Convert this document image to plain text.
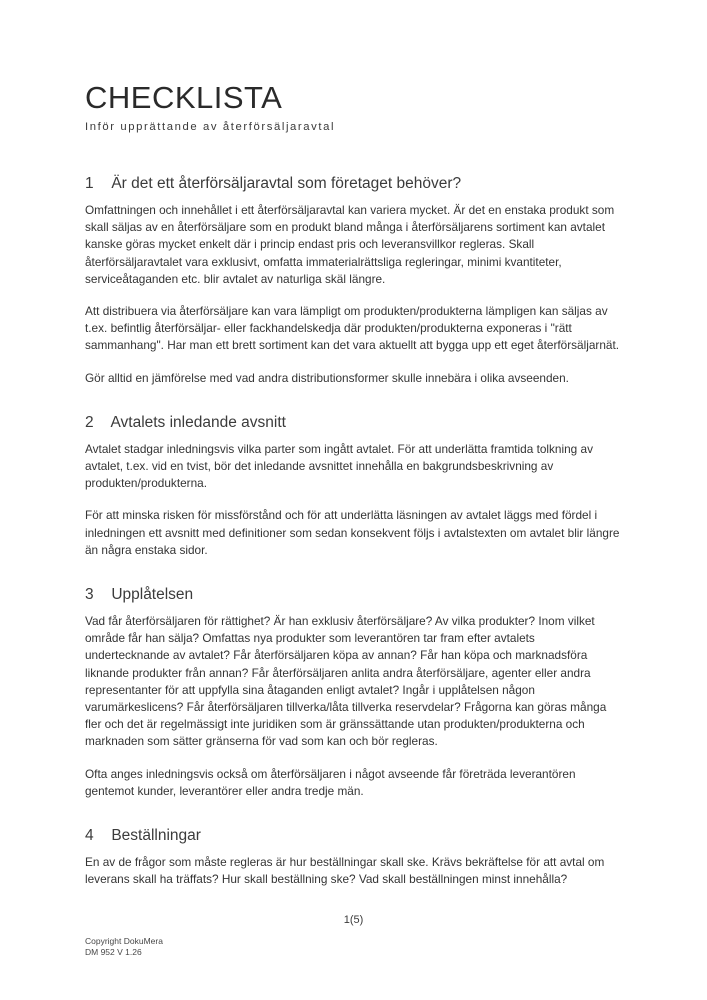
CHECKLISTA
Inför upprättande av återförsäljaravtal
1 Är det ett återförsäljaravtal som företaget behöver?

Omfattningen och innehållet i ett återförsäljaravtal kan variera mycket. Är det en enstaka produkt som skall säljas av en återförsäljare som en produkt bland många i återförsäljarens sortiment kan avtalet kanske göras mycket enkelt där i princip endast pris och leveransvillkor regleras. Skall återförsäljaravtalet vara exklusivt, omfatta immaterialrättsliga regleringar, minimi kvantiteter, serviceåtaganden etc. blir avtalet av naturliga skäl längre.

Att distribuera via återförsäljare kan vara lämpligt om produkten/produkterna lämpligen kan säljas av t.ex. befintlig återförsäljar- eller fackhandelskedja där produkten/produkterna exponeras i "rätt sammanhang". Har man ett brett sortiment kan det vara aktuellt att bygga upp ett eget återförsäljarnät.

Gör alltid en jämförelse med vad andra distributionsformer skulle innebära i olika avseenden.

2 Avtalets inledande avsnitt

Avtalet stadgar inledningsvis vilka parter som ingått avtalet. För att underlätta framtida tolkning av avtalet, t.ex. vid en tvist, bör det inledande avsnittet innehålla en bakgrundsbeskrivning av produkten/produkterna.

För att minska risken för missförstånd och för att underlätta läsningen av avtalet läggs med fördel i inledningen ett avsnitt med definitioner som sedan konsekvent följs i avtalstexten om avtalet blir längre än några enstaka sidor.

3 Upplåtelsen

Vad får återförsäljaren för rättighet? Är han exklusiv återförsäljare? Av vilka produkter? Inom vilket område får han sälja? Omfattas nya produkter som leverantören tar fram efter avtalets undertecknande av avtalet? Får återförsäljaren köpa av annan? Får han köpa och marknadsföra liknande produkter från annan? Får återförsäljaren anlita andra återförsäljare, agenter eller andra representanter för att uppfylla sina åtaganden enligt avtalet? Ingår i upplåtelsen någon varumärkeslicens? Får återförsäljaren tillverka/låta tillverka reservdelar? Frågorna kan göras många fler och det är regelmässigt inte juridiken som är gränssättande utan produkten/produkterna och marknaden som sätter gränserna för vad som kan och bör regleras.

Ofta anges inledningsvis också om återförsäljaren i något avseende får företräda leverantören gentemot kunder, leverantörer eller andra tredje män.

4 Beställningar

En av de frågor som måste regleras är hur beställningar skall ske. Krävs bekräftelse för att avtal om leverans skall ha träffats? Hur skall beställning ske? Vad skall beställningen minst innehålla?

1(5)
Copyright DokuMera
DM 952 V 1.26
